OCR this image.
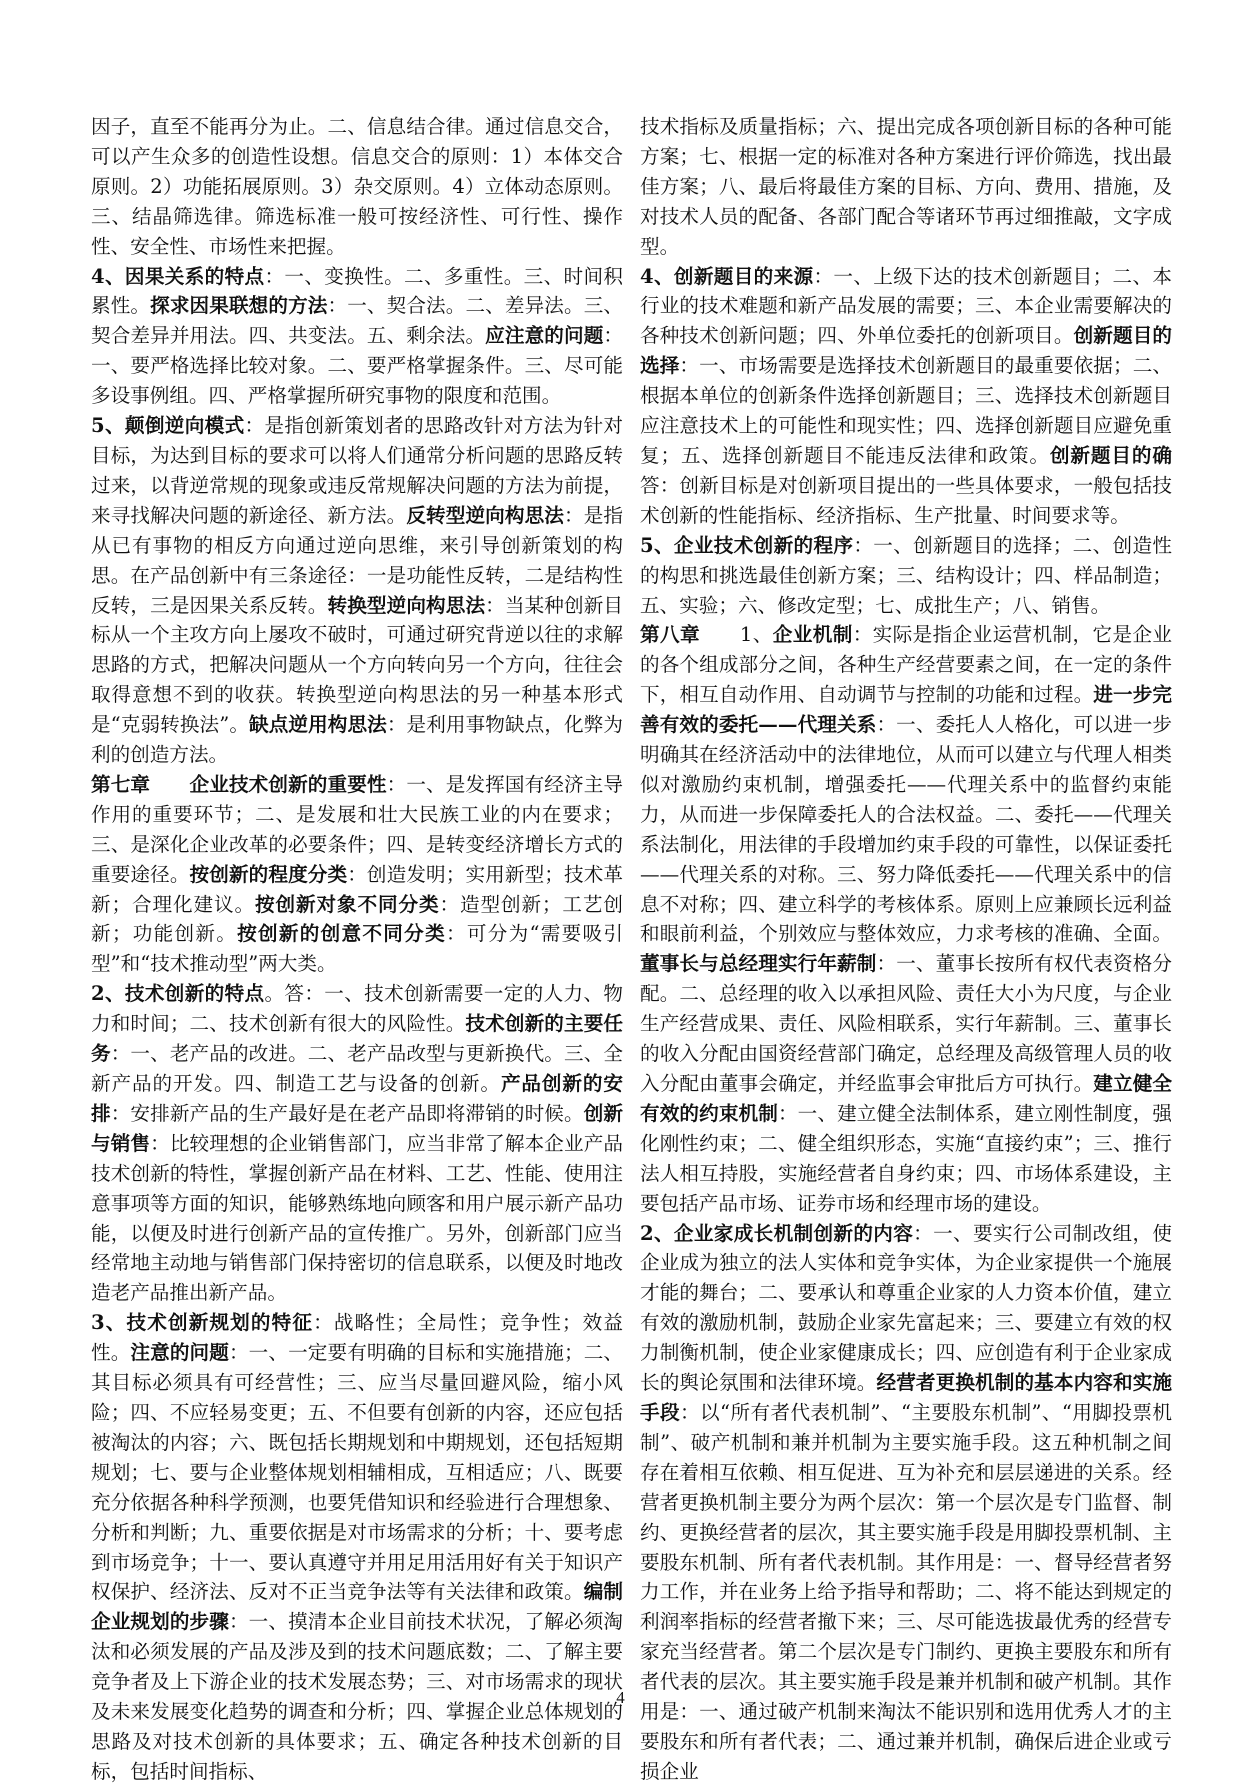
因子，直至不能再分为止。二、信息结合律。通过信息交合，可以产生众多的创造性设想。信息交合的原则：1）本体交合原则。2）功能拓展原则。3）杂交原则。4）立体动态原则。三、结晶筛选律。筛选标准一般可按经济性、可行性、操作性、安全性、市场性来把握。

4、因果关系的特点：一、变换性。二、多重性。三、时间积累性。探求因果联想的方法：一、契合法。二、差异法。三、契合差异并用法。四、共变法。五、剩余法。应注意的问题：一、要严格选择比较对象。二、要严格掌握条件。三、尽可能多设事例组。四、严格掌握所研究事物的限度和范围。

5、颠倒逆向模式：是指创新策划者的思路改针对方法为针对目标，为达到目标的要求可以将人们通常分析问题的思路反转过来，以背逆常规的现象或违反常规解决问题的方法为前提，来寻找解决问题的新途径、新方法。反转型逆向构思法：是指从已有事物的相反方向通过逆向思维，来引导创新策划的构思。在产品创新中有三条途径：一是功能性反转，二是结构性反转，三是因果关系反转。转换型逆向构思法：当某种创新目标从一个主攻方向上屡攻不破时，可通过研究背逆以往的求解思路的方式，把解决问题从一个方向转向另一个方向，往往会取得意想不到的收获。转换型逆向构思法的另一种基本形式是“克弱转换法”。缺点逆用构思法：是利用事物缺点，化弊为利的创造方法。

第七章　　企业技术创新的重要性：一、是发挥国有经济主导作用的重要环节；二、是发展和壮大民族工业的内在要求；三、是深化企业改革的必要条件；四、是转变经济增长方式的重要途径。按创新的程度分类：创造发明；实用新型；技术革新；合理化建议。按创新对象不同分类：造型创新；工艺创新；功能创新。按创新的创意不同分类：可分为“需要吸引型”和“技术推动型”两大类。

2、技术创新的特点。答：一、技术创新需要一定的人力、物力和时间；二、技术创新有很大的风险性。技术创新的主要任务：一、老产品的改进。二、老产品改型与更新换代。三、全新产品的开发。四、制造工艺与设备的创新。产品创新的安排：安排新产品的生产最好是在老产品即将滞销的时候。创新与销售：比较理想的企业销售部门，应当非常了解本企业产品技术创新的特性，掌握创新产品在材料、工艺、性能、使用注意事项等方面的知识，能够熟练地向顾客和用户展示新产品功能，以便及时进行创新产品的宣传推广。另外，创新部门应当经常地主动地与销售部门保持密切的信息联系，以便及时地改造老产品推出新产品。

3、技术创新规划的特征：战略性；全局性；竞争性；效益性。注意的问题：一、一定要有明确的目标和实施措施；二、其目标必须具有可经营性；三、应当尽量回避风险，缩小风险；四、不应轻易变更；五、不但要有创新的内容，还应包括被淘汰的内容；六、既包括长期规划和中期规划，还包括短期规划；七、要与企业整体规划相辅相成，互相适应；八、既要充分依据各种科学预测，也要凭借知识和经验进行合理想象、分析和判断；九、重要依据是对市场需求的分析；十、要考虑到市场竞争；十一、要认真遵守并用足用活用好有关于知识产权保护、经济法、反对不正当竞争法等有关法律和政策。编制企业规划的步骤：一、摸清本企业目前技术状况，了解必须淘汰和必须发展的产品及涉及到的技术问题底数；二、了解主要竞争者及上下游企业的技术发展态势；三、对市场需求的现状及未来发展变化趋势的调查和分析；四、掌握企业总体规划的思路及对技术创新的具体要求；五、确定各种技术创新的目标，包括时间指标、

技术指标及质量指标；六、提出完成各项创新目标的各种可能方案；七、根据一定的标准对各种方案进行评价筛选，找出最佳方案；八、最后将最佳方案的目标、方向、费用、措施，及对技术人员的配备、各部门配合等诸环节再过细推敲，文字成型。

4、创新题目的来源：一、上级下达的技术创新题目；二、本行业的技术难题和新产品发展的需要；三、本企业需要解决的各种技术创新问题；四、外单位委托的创新项目。创新题目的选择：一、市场需要是选择技术创新题目的最重要依据；二、根据本单位的创新条件选择创新题目；三、选择技术创新题目应注意技术上的可能性和现实性；四、选择创新题目应避免重复；五、选择创新题目不能违反法律和政策。创新题目的确答：创新目标是对创新项目提出的一些具体要求，一般包括技术创新的性能指标、经济指标、生产批量、时间要求等。

5、企业技术创新的程序：一、创新题目的选择；二、创造性的构思和挑选最佳创新方案；三、结构设计；四、样品制造；五、实验；六、修改定型；七、成批生产；八、销售。

第八章　　1、企业机制：实际是指企业运营机制，它是企业的各个组成部分之间，各种生产经营要素之间，在一定的条件下，相互自动作用、自动调节与控制的功能和过程。进一步完善有效的委托——代理关系：一、委托人人格化，可以进一步明确其在经济活动中的法律地位，从而可以建立与代理人相类似对激励约束机制，增强委托——代理关系中的监督约束能力，从而进一步保障委托人的合法权益。二、委托——代理关系法制化，用法律的手段增加约束手段的可靠性，以保证委托——代理关系的对称。三、努力降低委托——代理关系中的信息不对称；四、建立科学的考核体系。原则上应兼顾长远利益和眼前利益，个别效应与整体效应，力求考核的准确、全面。董事长与总经理实行年薪制：一、董事长按所有权代表资格分配。二、总经理的收入以承担风险、责任大小为尺度，与企业生产经营成果、责任、风险相联系，实行年薪制。三、董事长的收入分配由国资经营部门确定，总经理及高级管理人员的收入分配由董事会确定，并经监事会审批后方可执行。建立健全有效的约束机制：一、建立健全法制体系，建立刚性制度，强化刚性约束；二、健全组织形态，实施“直接约束”；三、推行法人相互持股，实施经营者自身约束；四、市场体系建设，主要包括产品市场、证券市场和经理市场的建设。

2、企业家成长机制创新的内容：一、要实行公司制改组，使企业成为独立的法人实体和竞争实体，为企业家提供一个施展才能的舞台；二、要承认和尊重企业家的人力资本价值，建立有效的激励机制，鼓励企业家先富起来；三、要建立有效的权力制衡机制，使企业家健康成长；四、应创造有利于企业家成长的舆论氛围和法律环境。经营者更换机制的基本内容和实施手段：以“所有者代表机制”、“主要股东机制”、“用脚投票机制”、破产机制和兼并机制为主要实施手段。这五种机制之间存在着相互依赖、相互促进、互为补充和层层递进的关系。经营者更换机制主要分为两个层次：第一个层次是专门监督、制约、更换经营者的层次，其主要实施手段是用脚投票机制、主要股东机制、所有者代表机制。其作用是：一、督导经营者努力工作，并在业务上给予指导和帮助；二、将不能达到规定的利润率指标的经营者撤下来；三、尽可能选拔最优秀的经营专家充当经营者。第二个层次是专门制约、更换主要股东和所有者代表的层次。其主要实施手段是兼并机制和破产机制。其作用是：一、通过破产机制来淘汰不能识别和选用优秀人才的主要股东和所有者代表；二、通过兼并机制，确保后进企业或亏损企业

4
